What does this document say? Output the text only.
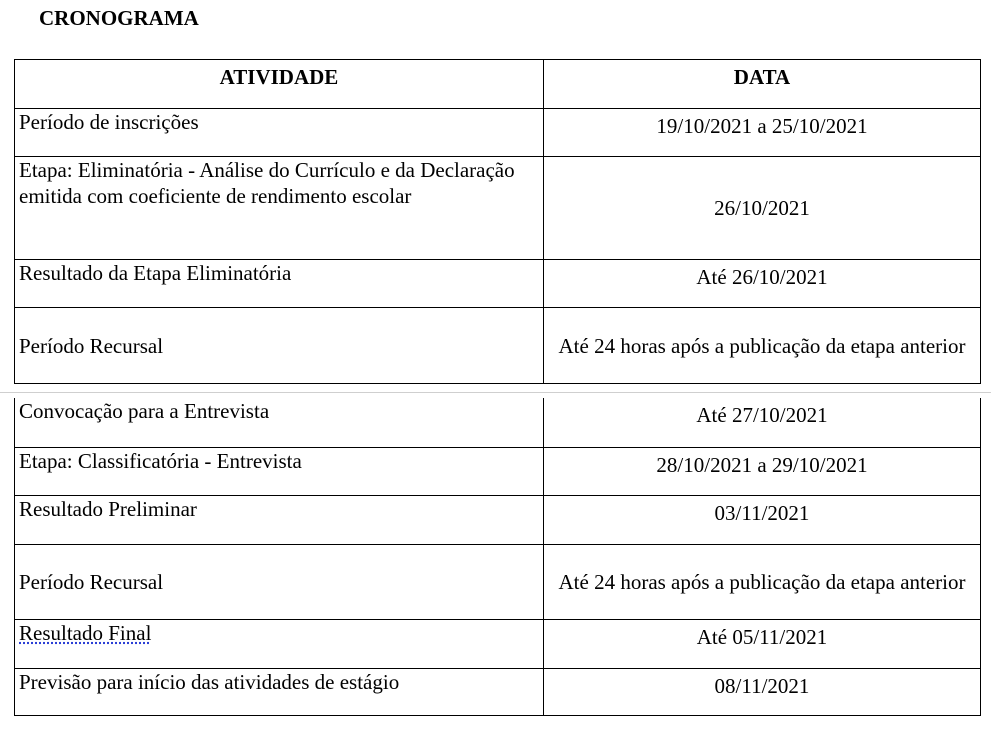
CRONOGRAMA
ATIVIDADE	DATA
Período de inscrições	19/10/2021 a 25/10/2021
Etapa: Eliminatória - Análise do Currículo e da Declaração emitida com coeficiente de rendimento escolar	26/10/2021
Resultado da Etapa Eliminatória	Até 26/10/2021
Período Recursal	Até 24 horas após a publicação da etapa anterior
Convocação para a Entrevista	Até 27/10/2021
Etapa: Classificatória - Entrevista	28/10/2021 a 29/10/2021
Resultado Preliminar	03/11/2021
Período Recursal	Até 24 horas após a publicação da etapa anterior
Resultado Final	Até 05/11/2021
Previsão para início das atividades de estágio	08/11/2021
